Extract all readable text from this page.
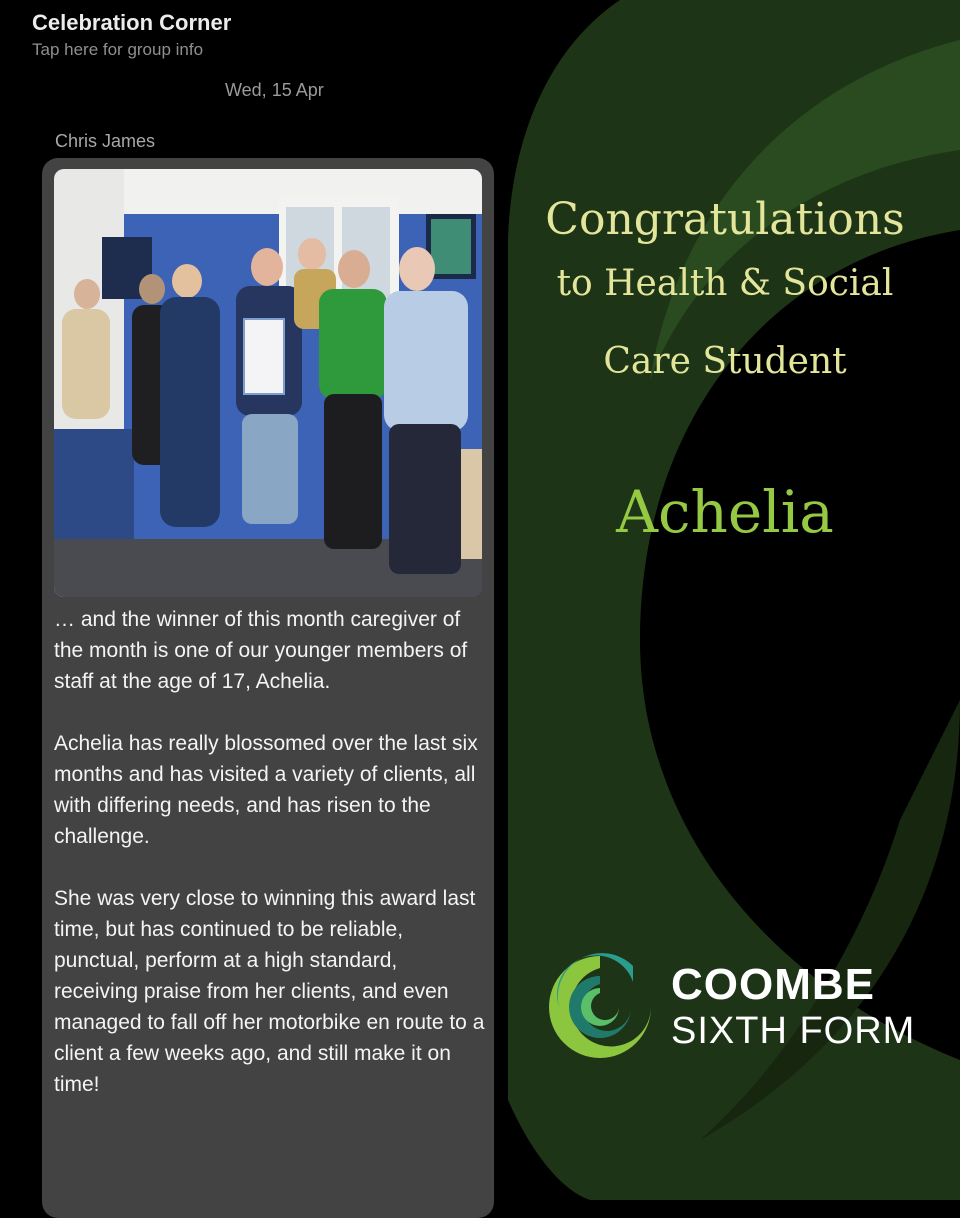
Celebration Corner
Tap here for group info
Wed, 15 Apr
Chris James

… and the winner of this month caregiver of the month is one of our younger members of staff at the age of 17, Achelia.

Achelia has really blossomed over the last six months and has visited a variety of clients, all with differing needs, and has risen to the challenge.

She was very close to winning this award last time, but has continued to be reliable, punctual, perform at a high standard, receiving praise from her clients, and even managed to fall off her motorbike en route to a client a few weeks ago, and still make it on time!

Congratulations
to Health & Social
Care Student
Achelia
COOMBE
SIXTH FORM
